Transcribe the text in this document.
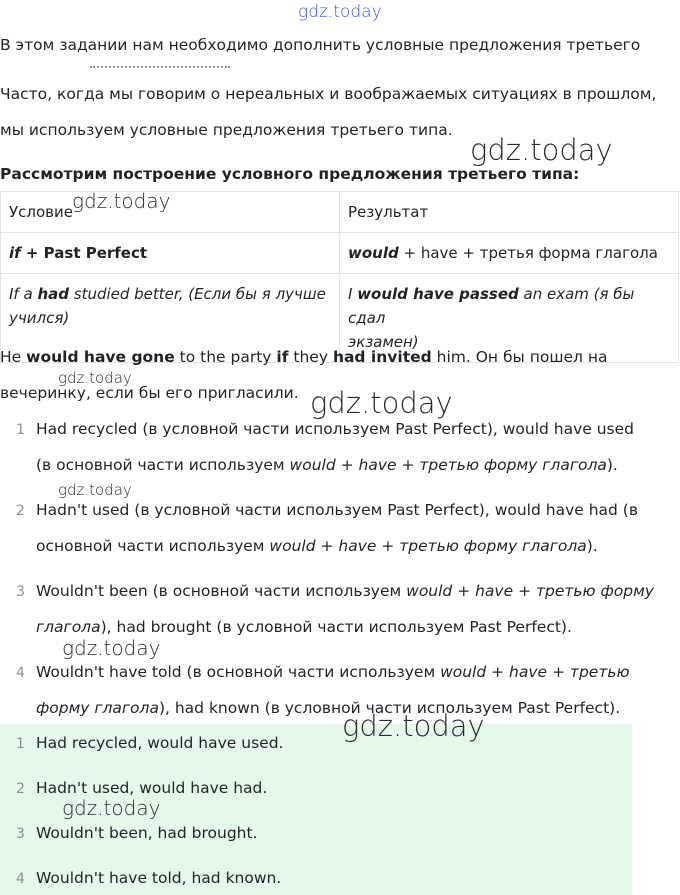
gdz.today
gdz.today
gdz.today
gdz.today
gdz.today
gdz.today
gdz.today
В этом задании нам необходимо дополнить условные предложения третьего
Часто, когда мы говорим о нереальных и воображаемых ситуациях в прошлом,
мы используем условные предложения третьего типа.
Рассмотрим построение условного предложения третьего типа:
Условие	Результат
if + Past Perfect	would + have + третья форма глагола
If a had studied better, (Если бы я лучше
учился)	I would have passed an exam (я бы сдал
экзамен)
He would have gone to the party if they had invited him. Он бы пошел на
вечеринку, если бы его пригласили.
1 Had recycled (в условной части используем Past Perfect), would have used
(в основной части используем would + have + третью форму глагола).
2 Hadn't used (в условной части используем Past Perfect), would have had (в
основной части используем would + have + третью форму глагола).
3 Wouldn't been (в основной части используем would + have + третью форму
глагола), had brought (в условной части используем Past Perfect).
4 Wouldn't have told (в основной части используем would + have + третью
форму глагола), had known (в условной части используем Past Perfect).
1 Had recycled, would have used.
2 Hadn't used, would have had.
3 Wouldn't been, had brought.
4 Wouldn't have told, had known.
gdz.today
gdz.today
